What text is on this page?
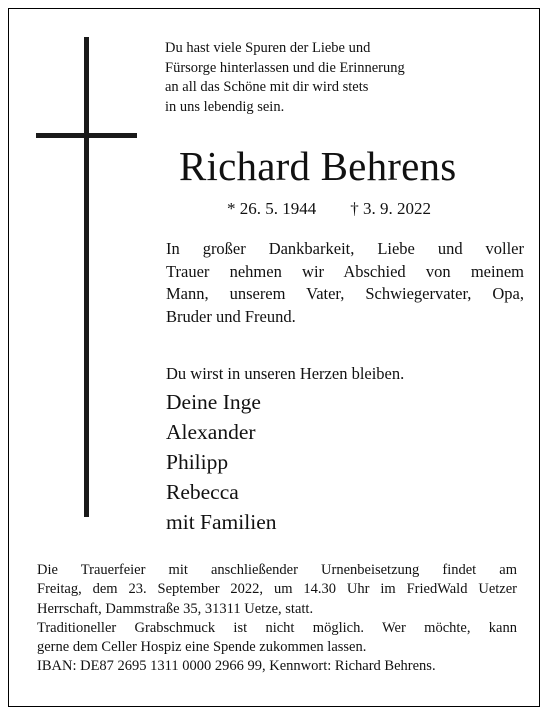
Du hast viele Spuren der Liebe und
Fürsorge hinterlassen und die Erinnerung
an all das Schöne mit dir wird stets
in uns lebendig sein.
Richard Behrens
* 26. 5. 1944 † 3. 9. 2022
In großer Dankbarkeit, Liebe und voller
Trauer nehmen wir Abschied von meinem
Mann, unserem Vater, Schwiegervater, Opa,
Bruder und Freund.
Du wirst in unseren Herzen bleiben.
Deine Inge
Alexander
Philipp
Rebecca
mit Familien
Die Trauerfeier mit anschließender Urnenbeisetzung findet am
Freitag, dem 23. September 2022, um 14.30 Uhr im FriedWald Uetzer
Herrschaft, Dammstraße 35, 31311 Uetze, statt.
Traditioneller Grabschmuck ist nicht möglich. Wer möchte, kann
gerne dem Celler Hospiz eine Spende zukommen lassen.
IBAN: DE87 2695 1311 0000 2966 99, Kennwort: Richard Behrens.
